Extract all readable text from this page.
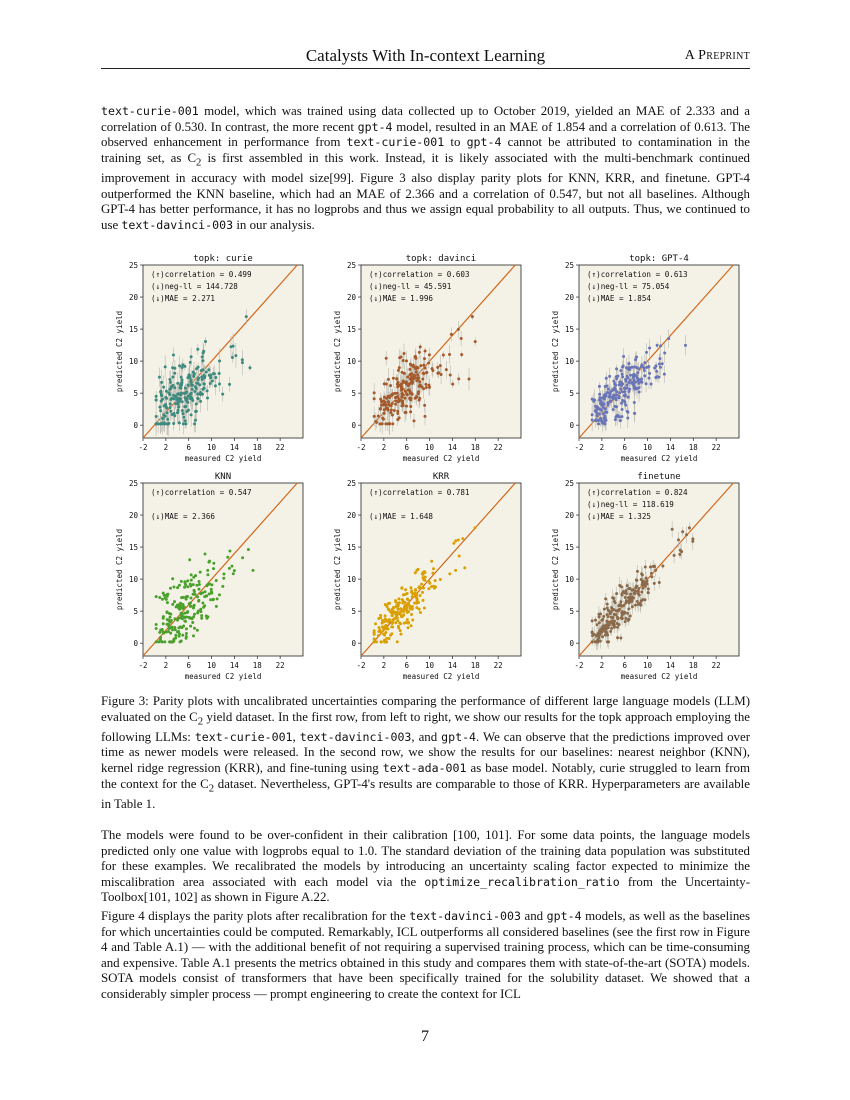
Catalysts With In-context Learning	A Preprint

text-curie-001 model, which was trained using data collected up to October 2019, yielded an MAE of 2.333 and a correlation of 0.530. In contrast, the more recent gpt-4 model, resulted in an MAE of 1.854 and a correlation of 0.613. The observed enhancement in performance from text-curie-001 to gpt-4 cannot be attributed to contamination in the training set, as $C_2$ is first assembled in this work. Instead, it is likely associated with the multi-benchmark continued improvement in accuracy with model size[99]. Figure 3 also display parity plots for KNN, KRR, and finetune. GPT-4 outperformed the KNN baseline, which had an MAE of 2.366 and a correlation of 0.547, but not all baselines. Although GPT-4 has better performance, it has no logprobs and thus we assign equal probability to all outputs. Thus, we continued to use text-davinci-003 in our analysis.

topk: curie
-2 2 6 10 14 18 22
0
5
10
15
20
25
measured C2 yield
predicted C2 yield
(↑)correlation = 0.499
(↓)neg-ll = 144.728
(↓)MAE = 2.271
topk: davinci
-2 2 6 10 14 18 22
0
5
10
15
20
25
measured C2 yield
predicted C2 yield
(↑)correlation = 0.603
(↓)neg-ll = 45.591
(↓)MAE = 1.996
topk: GPT-4
-2 2 6 10 14 18 22
0
5
10
15
20
25
measured C2 yield
predicted C2 yield
(↑)correlation = 0.613
(↓)neg-ll = 75.054
(↓)MAE = 1.854
KNN
-2 2 6 10 14 18 22
0
5
10
15
20
25
measured C2 yield
predicted C2 yield
(↑)correlation = 0.547
(↓)MAE = 2.366
KRR
-2 2 6 10 14 18 22
0
5
10
15
20
25
measured C2 yield
predicted C2 yield
(↑)correlation = 0.781
(↓)MAE = 1.648
finetune
-2 2 6 10 14 18 22
0
5
10
15
20
25
measured C2 yield
predicted C2 yield
(↑)correlation = 0.824
(↓)neg-ll = 118.619
(↓)MAE = 1.325

Figure 3: Parity plots with uncalibrated uncertainties comparing the performance of different large language models (LLM) evaluated on the $C_2$ yield dataset. In the first row, from left to right, we show our results for the topk approach employing the following LLMs: text-curie-001, text-davinci-003, and gpt-4. We can observe that the predictions improved over time as newer models were released. In the second row, we show the results for our baselines: nearest neighbor (KNN), kernel ridge regression (KRR), and fine-tuning using text-ada-001 as base model. Notably, curie struggled to learn from the context for the $C_2$ dataset. Nevertheless, GPT-4's results are comparable to those of KRR. Hyperparameters are available in Table 1.

The models were found to be over-confident in their calibration [100, 101]. For some data points, the language models predicted only one value with logprobs equal to 1.0. The standard deviation of the training data population was substituted for these examples. We recalibrated the models by introducing an uncertainty scaling factor expected to minimize the miscalibration area associated with each model via the optimize_recalibration_ratio from the Uncertainty-Toolbox[101, 102] as shown in Figure A.22.

Figure 4 displays the parity plots after recalibration for the text-davinci-003 and gpt-4 models, as well as the baselines for which uncertainties could be computed. Remarkably, ICL outperforms all considered baselines (see the first row in Figure 4 and Table A.1) — with the additional benefit of not requiring a supervised training process, which can be time-consuming and expensive. Table A.1 presents the metrics obtained in this study and compares them with state-of-the-art (SOTA) models. SOTA models consist of transformers that have been specifically trained for the solubility dataset. We showed that a considerably simpler process — prompt engineering to create the context for ICL

7
